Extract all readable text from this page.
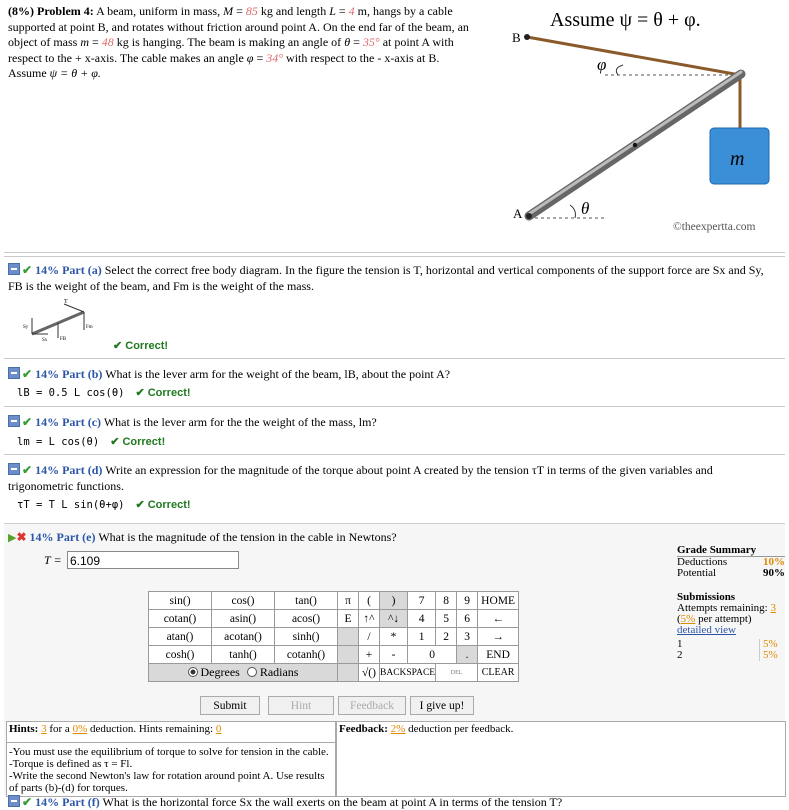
(8%) Problem 4: A beam, uniform in mass, M = 85 kg and length L = 4 m, hangs by a cable supported at point B, and rotates without friction around point A. On the end far of the beam, an object of mass m = 48 kg is hanging. The beam is making an angle of θ = 35° at point A with respect to the + x-axis. The cable makes an angle φ = 34° with respect to the - x-axis at B. Assume ψ = θ + φ.
Assume ψ = θ + φ.
B
A
φ
θ
m
©theexpertta.com
✔ 14% Part (a) Select the correct free body diagram. In the figure the tension is T, horizontal and vertical components of the support force are Sx and Sy, FB is the weight of the beam, and Fm is the weight of the mass.
T
Sy
Sx	FB
Fm
✔ Correct!
✔ 14% Part (b) What is the lever arm for the weight of the beam, lB, about the point A?
lB = 0.5 L cos(θ) ✔ Correct!
✔ 14% Part (c) What is the lever arm for the the weight of the mass, lm?
lm = L cos(θ) ✔ Correct!
✔ 14% Part (d) Write an expression for the magnitude of the torque about point A created by the tension τT in terms of the given variables and trigonometric functions.
τT = T L sin(θ+φ) ✔ Correct!
▶✖ 14% Part (e) What is the magnitude of the tension in the cable in Newtons?
T = 6.109
sin()	cos()	tan()	π	(	)	7	8	9	HOME
cotan()	asin()	acos()	E	↑^	^↓	4	5	6	←
atan()	acotan()	sinh()		/	*	1	2	3	→
cosh()	tanh()	cotanh()		+	-	0		.	END
Degrees Radians				√()	BACKSPACE		DEL		CLEAR
Submit	Hint	Feedback	I give up!
Grade Summary
Deductions	10%
Potential	90%
Submissions
Attempts remaining: 3
(5% per attempt)
detailed view
1	5%
2	5%
Hints: 3 for a 0% deduction. Hints remaining: 0
-You must use the equilibrium of torque to solve for tension in the cable.
-Torque is defined as τ = Fl.
-Write the second Newton's law for rotation around point A. Use results of parts (b)-(d) for torques.
Feedback: 2% deduction per feedback.
✔ 14% Part (f) What is the horizontal force Sx the wall exerts on the beam at point A in terms of the tension T?
